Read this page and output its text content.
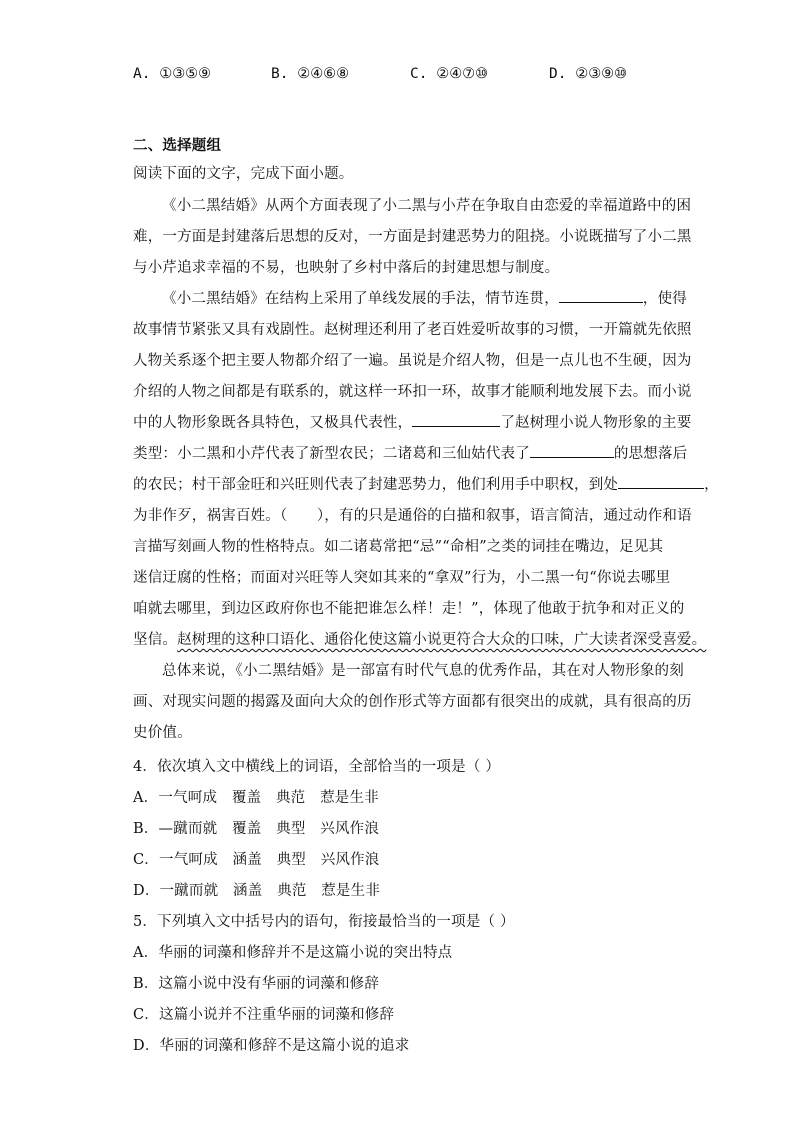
A. ①③⑤⑨	B. ②④⑥⑧	C. ②④⑦⑩	D. ②③⑨⑩
二、选择题组
阅读下面的文字，完成下面小题。
《小二黑结婚》从两个方面表现了小二黑与小芹在争取自由恋爱的幸福道路中的困
难，一方面是封建落后思想的反对，一方面是封建恶势力的阻挠。小说既描写了小二黑
与小芹追求幸福的不易，也映射了乡村中落后的封建思想与制度。
《小二黑结婚》在结构上采用了单线发展的手法，情节连贯，	，使得
故事情节紧张又具有戏剧性。赵树理还利用了老百姓爱听故事的习惯，一开篇就先依照
人物关系逐个把主要人物都介绍了一遍。虽说是介绍人物，但是一点儿也不生硬，因为
介绍的人物之间都是有联系的，就这样一环扣一环，故事才能顺利地发展下去。而小说
中的人物形象既各具特色，又极具代表性，	了赵树理小说人物形象的主要
类型：小二黑和小芹代表了新型农民；二诸葛和三仙姑代表了	的思想落后
的农民；村干部金旺和兴旺则代表了封建恶势力，他们利用手中职权，到处	，
为非作歹，祸害百姓。（　　），有的只是通俗的白描和叙事，语言简洁，通过动作和语
言描写刻画人物的性格特点。如二诸葛常把“忌”“命相”之类的词挂在嘴边，足见其
迷信迂腐的性格；而面对兴旺等人突如其来的“拿双”行为，小二黑一句“你说去哪里
咱就去哪里，到边区政府你也不能把谁怎么样！走！”，体现了他敢于抗争和对正义的
坚信。赵树理的这种口语化、通俗化使这篇小说更符合大众的口味，广大读者深受喜爱。
总体来说，《小二黑结婚》是一部富有时代气息的优秀作品，其在对人物形象的刻
画、对现实问题的揭露及面向大众的创作形式等方面都有很突出的成就，具有很高的历
史价值。
4．依次填入文中横线上的词语，全部恰当的一项是（ ）
A．一气呵成　覆盖　典范　惹是生非
B．—蹴而就　覆盖　典型　兴风作浪
C．一气呵成　涵盖　典型　兴风作浪
D．一蹴而就　涵盖　典范　惹是生非
5．下列填入文中括号内的语句，衔接最恰当的一项是（ ）
A．华丽的词藻和修辞并不是这篇小说的突出特点
B．这篇小说中没有华丽的词藻和修辞
C．这篇小说并不注重华丽的词藻和修辞
D．华丽的词藻和修辞不是这篇小说的追求
